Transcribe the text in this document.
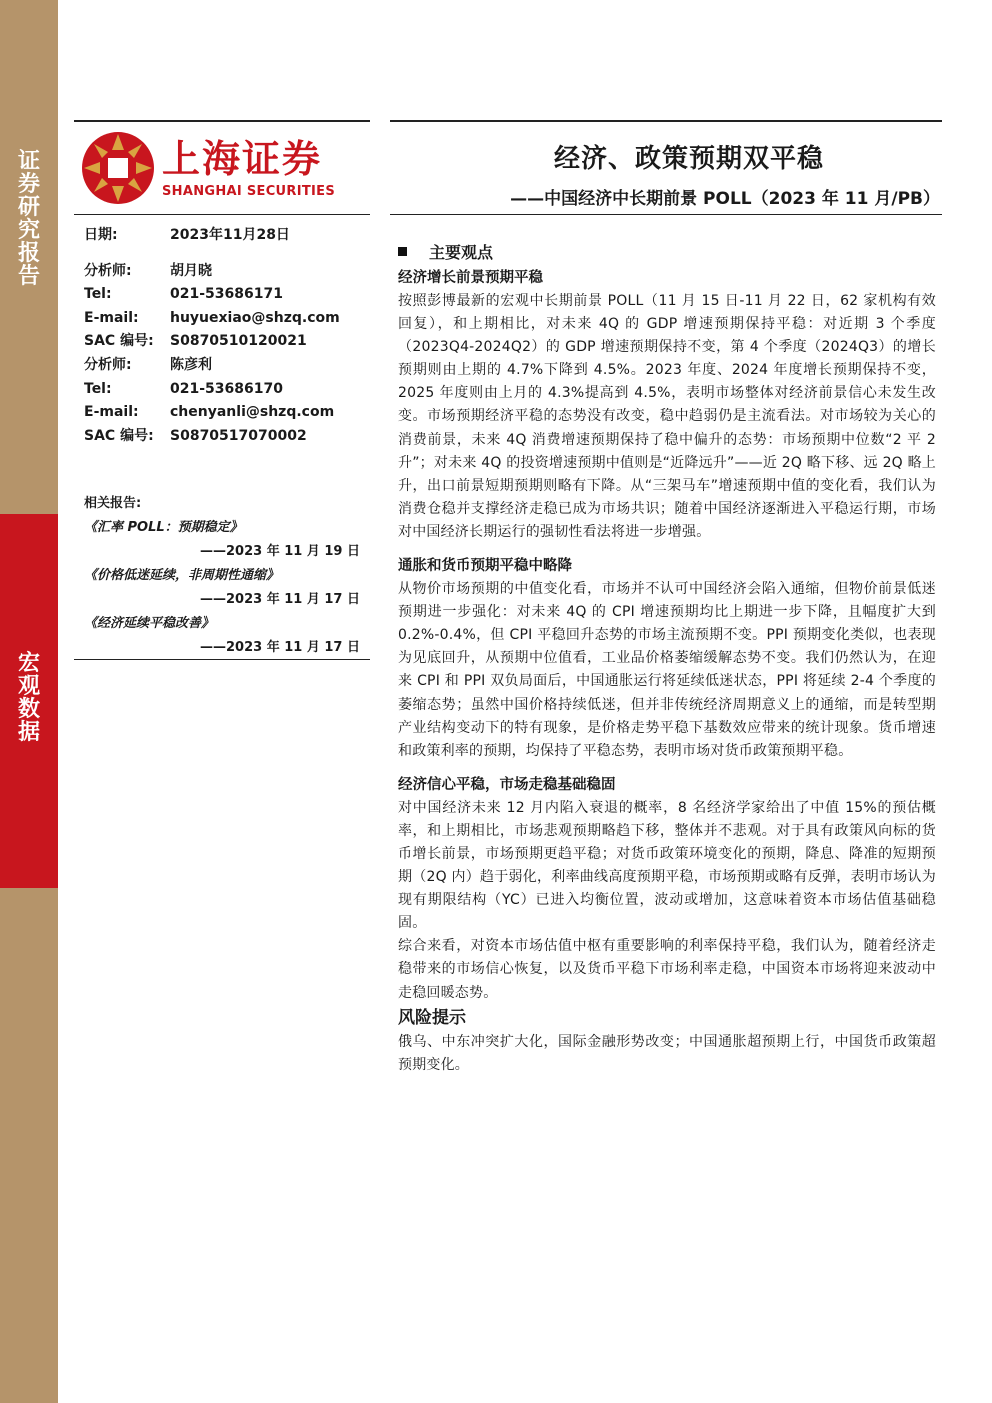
证券研究报告
宏观数据
上海证券
SHANGHAI SECURITIES
经济、政策预期双平稳
——中国经济中长期前景 POLL（2023 年 11 月/PB）
日期:	2023年11月28日
分析师:	胡月晓
Tel:	021-53686171
E-mail:	huyuexiao@shzq.com
SAC 编号:	S0870510120021
分析师:	陈彦利
Tel:	021-53686170
E-mail:	chenyanli@shzq.com
SAC 编号:	S0870517070002
相关报告:
《汇率 POLL：预期稳定》
——2023 年 11 月 19 日
《价格低迷延续，非周期性通缩》
——2023 年 11 月 17 日
《经济延续平稳改善》
——2023 年 11 月 17 日
主要观点
经济增长前景预期平稳
按照彭博最新的宏观中长期前景 POLL（11 月 15 日-11 月 22 日，62 家机构有效回复），和上期相比，对未来 4Q 的 GDP 增速预期保持平稳：对近期 3 个季度（2023Q4-2024Q2）的 GDP 增速预期保持不变，第 4 个季度（2024Q3）的增长预期则由上期的 4.7%下降到 4.5%。2023 年度、2024 年度增长预期保持不变，2025 年度则由上月的 4.3%提高到 4.5%，表明市场整体对经济前景信心未发生改变。市场预期经济平稳的态势没有改变，稳中趋弱仍是主流看法。对市场较为关心的消费前景，未来 4Q 消费增速预期保持了稳中偏升的态势：市场预期中位数“2 平 2 升”；对未来 4Q 的投资增速预期中值则是“近降远升”——近 2Q 略下移、远 2Q 略上升，出口前景短期预期则略有下降。从“三架马车”增速预期中值的变化看，我们认为消费仓稳并支撑经济走稳已成为市场共识；随着中国经济逐渐进入平稳运行期，市场对中国经济长期运行的强韧性看法将进一步增强。
通胀和货币预期平稳中略降
从物价市场预期的中值变化看，市场并不认可中国经济会陷入通缩，但物价前景低迷预期进一步强化：对未来 4Q 的 CPI 增速预期均比上期进一步下降，且幅度扩大到 0.2%-0.4%，但 CPI 平稳回升态势的市场主流预期不变。PPI 预期变化类似，也表现为见底回升，从预期中位值看，工业品价格萎缩缓解态势不变。我们仍然认为，在迎来 CPI 和 PPI 双负局面后，中国通胀运行将延续低迷状态，PPI 将延续 2-4 个季度的萎缩态势；虽然中国价格持续低迷，但并非传统经济周期意义上的通缩，而是转型期产业结构变动下的特有现象，是价格走势平稳下基数效应带来的统计现象。货币增速和政策利率的预期，均保持了平稳态势，表明市场对货币政策预期平稳。
经济信心平稳，市场走稳基础稳固
对中国经济未来 12 月内陷入衰退的概率，8 名经济学家给出了中值 15%的预估概率，和上期相比，市场悲观预期略趋下移，整体并不悲观。对于具有政策风向标的货币增长前景，市场预期更趋平稳；对货币政策环境变化的预期，降息、降准的短期预期（2Q 内）趋于弱化，利率曲线高度预期平稳，市场预期或略有反弹，表明市场认为现有期限结构（YC）已进入均衡位置，波动或增加，这意味着资本市场估值基础稳固。
综合来看，对资本市场估值中枢有重要影响的利率保持平稳，我们认为，随着经济走稳带来的市场信心恢复，以及货币平稳下市场利率走稳，中国资本市场将迎来波动中走稳回暖态势。
风险提示
俄乌、中东冲突扩大化，国际金融形势改变；中国通胀超预期上行，中国货币政策超预期变化。
